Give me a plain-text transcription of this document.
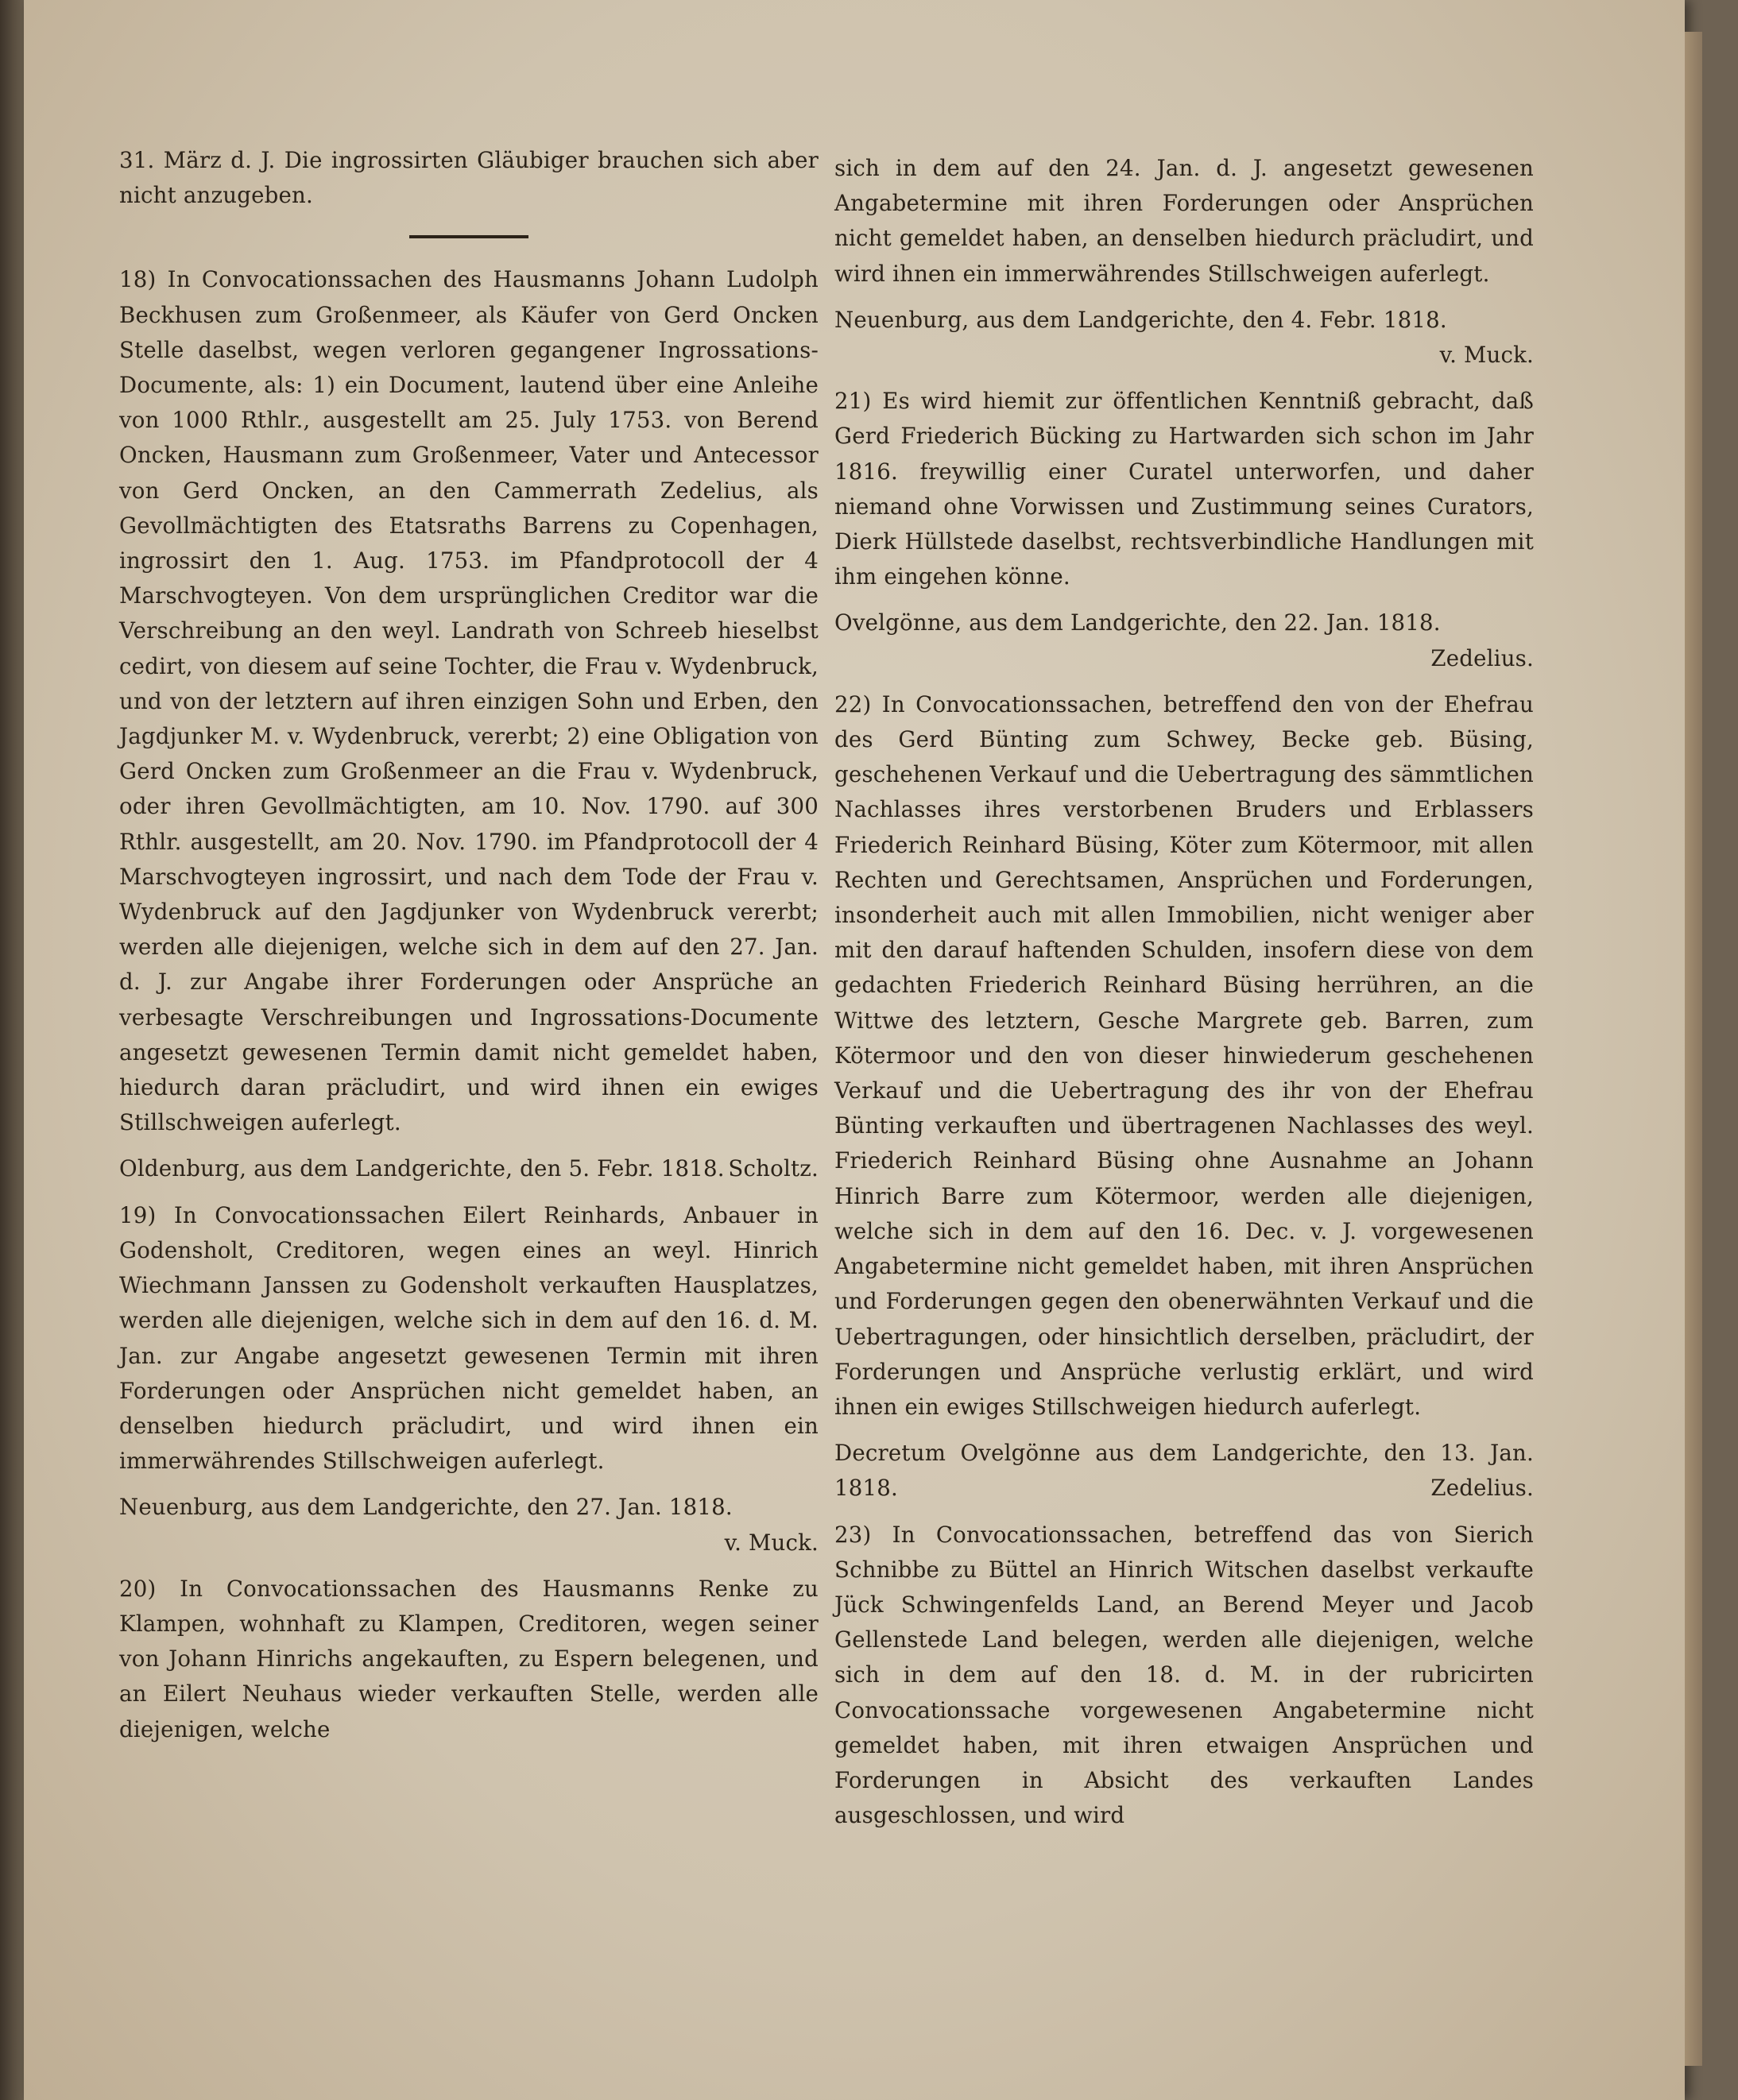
31. März d. J. Die ingrossirten Gläubiger brauchen sich aber nicht anzugeben.

18) In Convocationssachen des Hausmanns Johann Ludolph Beckhusen zum Großenmeer, als Käufer von Gerd Oncken Stelle daselbst, wegen verloren gegangener Ingrossations-Documente, als: 1) ein Document, lautend über eine Anleihe von 1000 Rthlr., ausgestellt am 25. July 1753. von Berend Oncken, Hausmann zum Großenmeer, Vater und Antecessor von Gerd Oncken, an den Cammerrath Zedelius, als Gevollmächtigten des Etatsraths Barrens zu Copenhagen, ingrossirt den 1. Aug. 1753. im Pfandprotocoll der 4 Marschvogteyen. Von dem ursprünglichen Creditor war die Verschreibung an den weyl. Landrath von Schreeb hieselbst cedirt, von diesem auf seine Tochter, die Frau v. Wydenbruck, und von der letztern auf ihren einzigen Sohn und Erben, den Jagdjunker M. v. Wydenbruck, vererbt; 2) eine Obligation von Gerd Oncken zum Großenmeer an die Frau v. Wydenbruck, oder ihren Gevollmächtigten, am 10. Nov. 1790. auf 300 Rthlr. ausgestellt, am 20. Nov. 1790. im Pfandprotocoll der 4 Marschvogteyen ingrossirt, und nach dem Tode der Frau v. Wydenbruck auf den Jagdjunker von Wydenbruck vererbt; werden alle diejenigen, welche sich in dem auf den 27. Jan. d. J. zur Angabe ihrer Forderungen oder Ansprüche an verbesagte Verschreibungen und Ingrossations-Documente angesetzt gewesenen Termin damit nicht gemeldet haben, hiedurch daran präcludirt, und wird ihnen ein ewiges Stillschweigen auferlegt.

Oldenburg, aus dem Landgerichte, den 5. Febr. 1818. Scholtz.

19) In Convocationssachen Eilert Reinhards, Anbauer in Godensholt, Creditoren, wegen eines an weyl. Hinrich Wiechmann Janssen zu Godensholt verkauften Hausplatzes, werden alle diejenigen, welche sich in dem auf den 16. d. M. Jan. zur Angabe angesetzt gewesenen Termin mit ihren Forderungen oder Ansprüchen nicht gemeldet haben, an denselben hiedurch präcludirt, und wird ihnen ein immerwährendes Stillschweigen auferlegt.

Neuenburg, aus dem Landgerichte, den 27. Jan. 1818.
v. Muck.

20) In Convocationssachen des Hausmanns Renke zu Klampen, wohnhaft zu Klampen, Creditoren, wegen seiner von Johann Hinrichs angekauften, zu Espern belegenen, und an Eilert Neuhaus wieder verkauften Stelle, werden alle diejenigen, welche

sich in dem auf den 24. Jan. d. J. angesetzt gewesenen Angabetermine mit ihren Forderungen oder Ansprüchen nicht gemeldet haben, an denselben hiedurch präcludirt, und wird ihnen ein immerwährendes Stillschweigen auferlegt.

Neuenburg, aus dem Landgerichte, den 4. Febr. 1818.
v. Muck.

21) Es wird hiemit zur öffentlichen Kenntniß gebracht, daß Gerd Friederich Bücking zu Hartwarden sich schon im Jahr 1816. freywillig einer Curatel unterworfen, und daher niemand ohne Vorwissen und Zustimmung seines Curators, Dierk Hüllstede daselbst, rechtsverbindliche Handlungen mit ihm eingehen könne.

Ovelgönne, aus dem Landgerichte, den 22. Jan. 1818.
Zedelius.

22) In Convocationssachen, betreffend den von der Ehefrau des Gerd Bünting zum Schwey, Becke geb. Büsing, geschehenen Verkauf und die Uebertragung des sämmtlichen Nachlasses ihres verstorbenen Bruders und Erblassers Friederich Reinhard Büsing, Köter zum Kötermoor, mit allen Rechten und Gerechtsamen, Ansprüchen und Forderungen, insonderheit auch mit allen Immobilien, nicht weniger aber mit den darauf haftenden Schulden, insofern diese von dem gedachten Friederich Reinhard Büsing herrühren, an die Wittwe des letztern, Gesche Margrete geb. Barren, zum Kötermoor und den von dieser hinwiederum geschehenen Verkauf und die Uebertragung des ihr von der Ehefrau Bünting verkauften und übertragenen Nachlasses des weyl. Friederich Reinhard Büsing ohne Ausnahme an Johann Hinrich Barre zum Kötermoor, werden alle diejenigen, welche sich in dem auf den 16. Dec. v. J. vorgewesenen Angabetermine nicht gemeldet haben, mit ihren Ansprüchen und Forderungen gegen den obenerwähnten Verkauf und die Uebertragungen, oder hinsichtlich derselben, präcludirt, der Forderungen und Ansprüche verlustig erklärt, und wird ihnen ein ewiges Stillschweigen hiedurch auferlegt.

Decretum Ovelgönne aus dem Landgerichte, den 13. Jan. 1818.	Zedelius.

23) In Convocationssachen, betreffend das von Sierich Schnibbe zu Büttel an Hinrich Witschen daselbst verkaufte Jück Schwingenfelds Land, an Berend Meyer und Jacob Gellenstede Land belegen, werden alle diejenigen, welche sich in dem auf den 18. d. M. in der rubricirten Convocationssache vorgewesenen Angabetermine nicht gemeldet haben, mit ihren etwaigen Ansprüchen und Forderungen in Absicht des verkauften Landes ausgeschlossen, und wird
